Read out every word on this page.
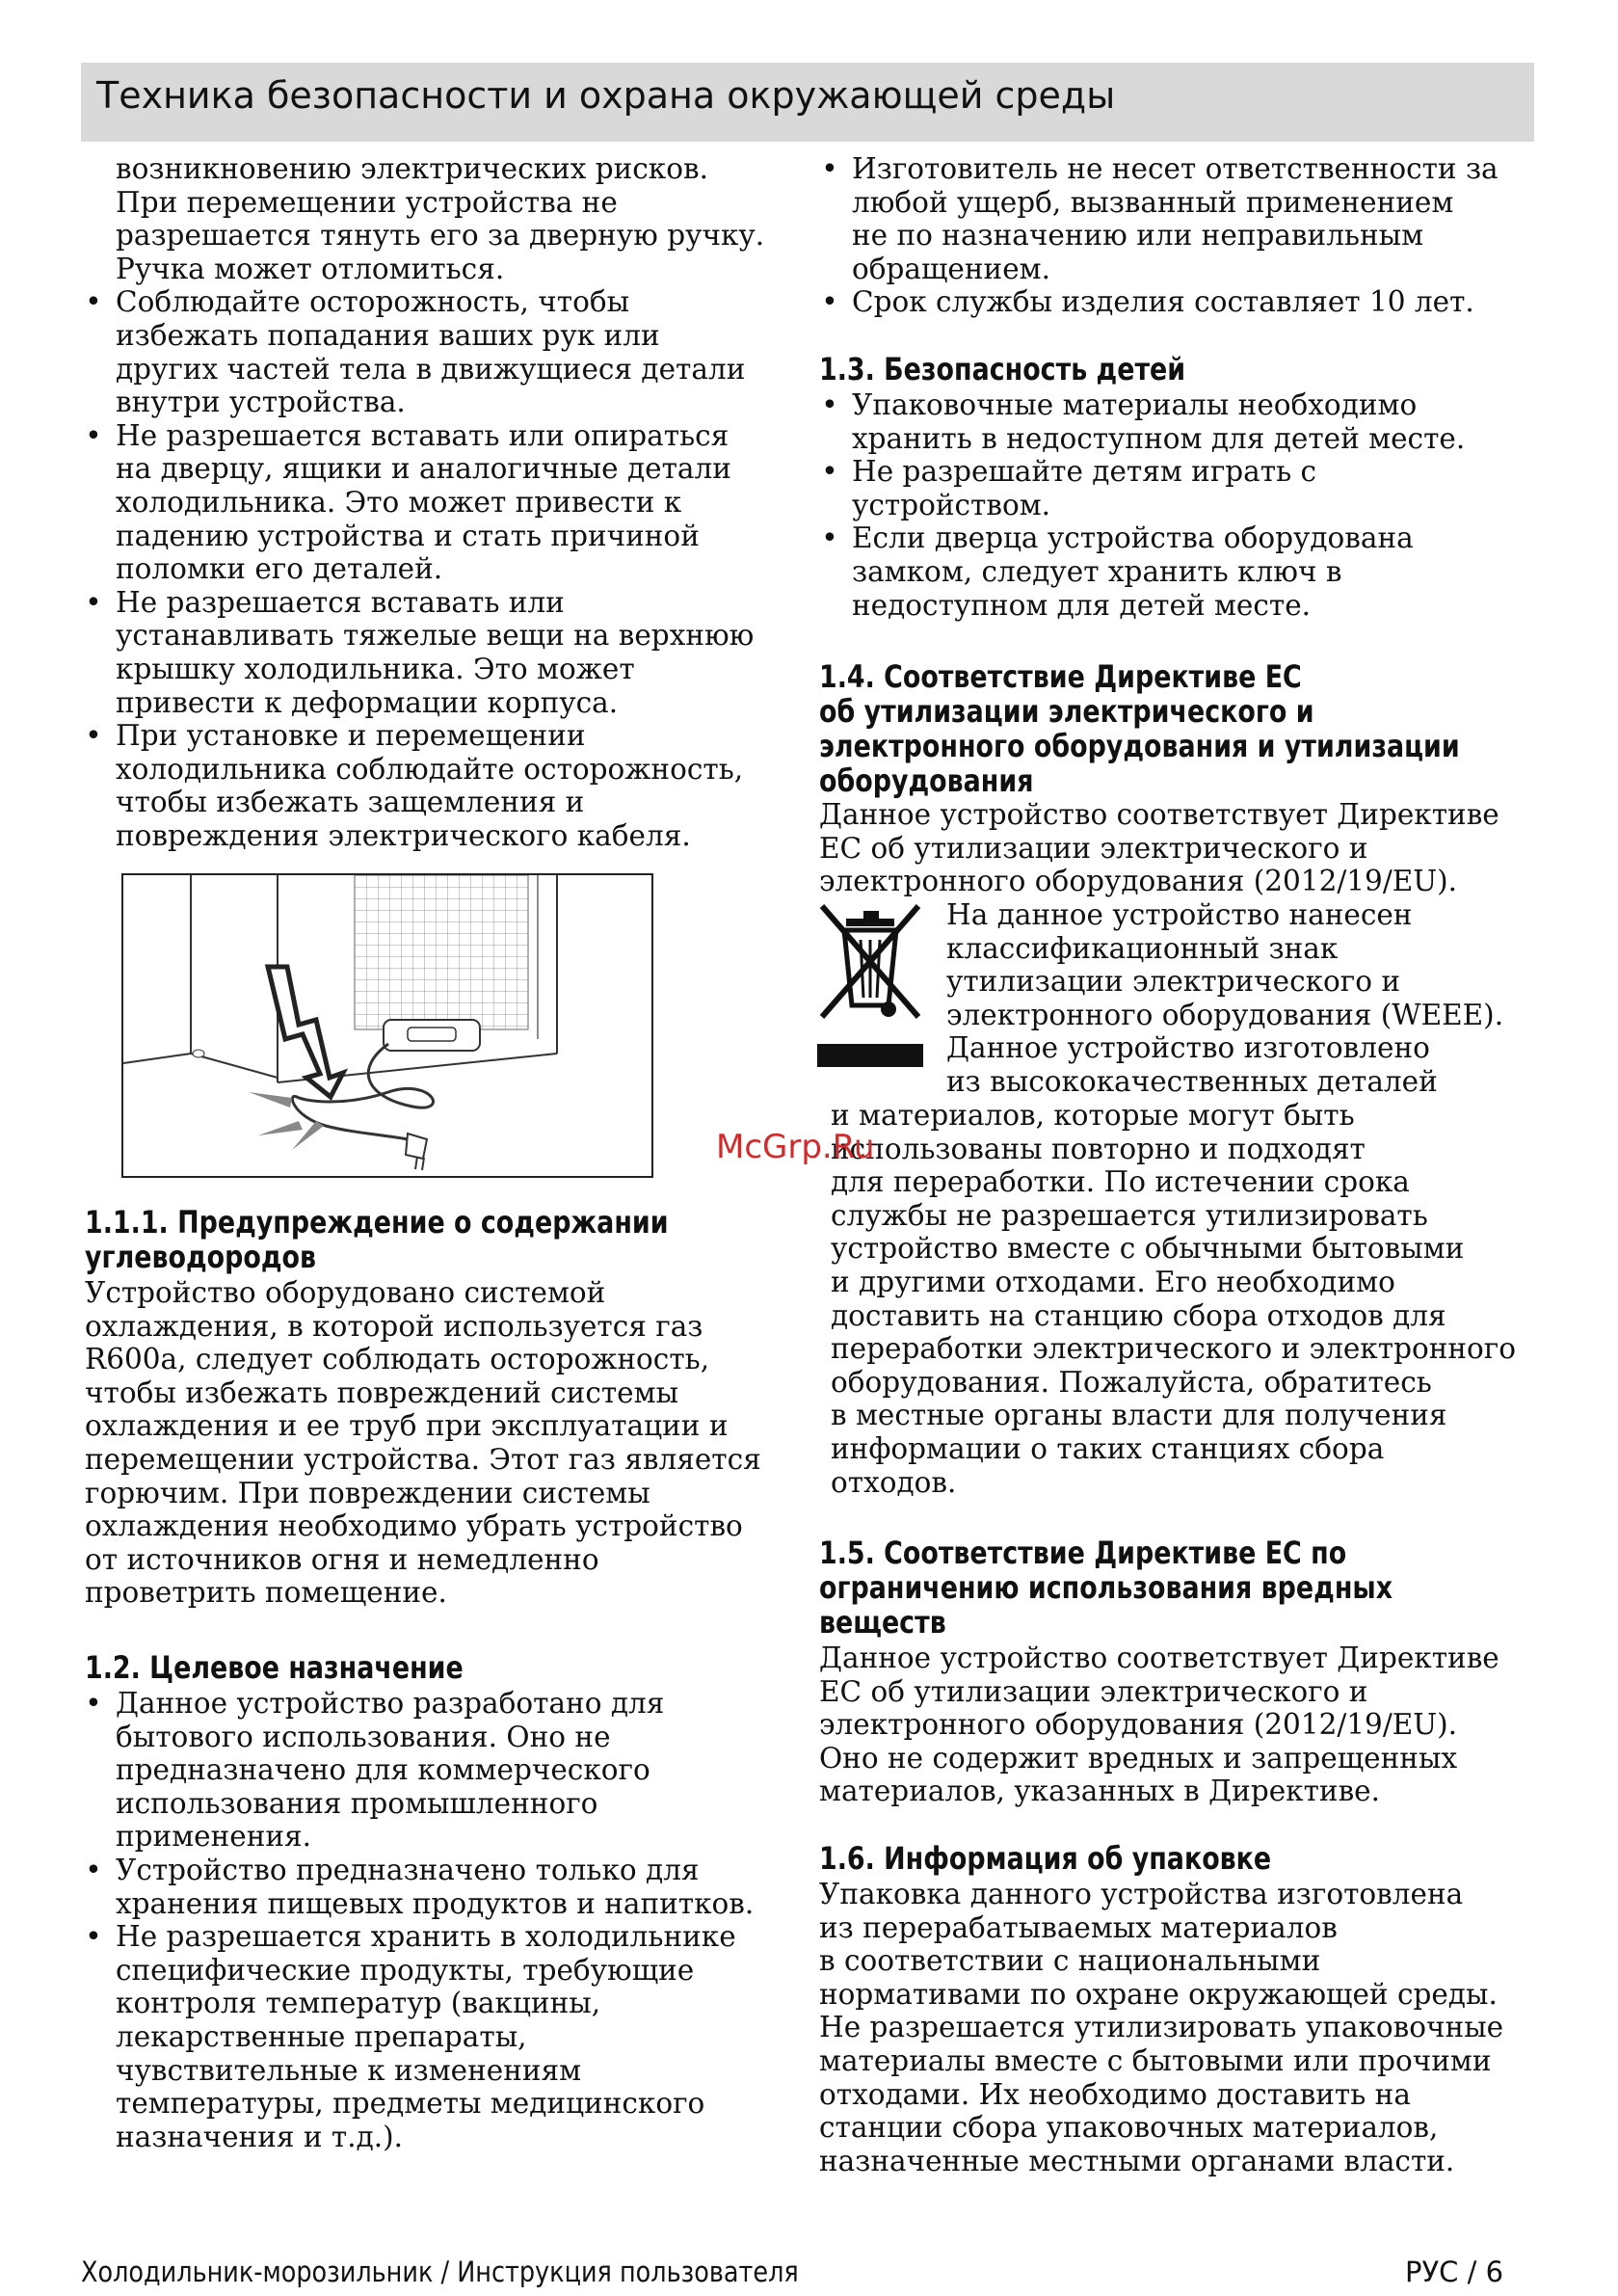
Техника безопасности и охрана окружающей среды
возникновению электрических рисков.
При перемещении устройства не
разрешается тянуть его за дверную ручку.
Ручка может отломиться.
• Соблюдайте осторожность, чтобы
избежать попадания ваших рук или
других частей тела в движущиеся детали
внутри устройства.
• Не разрешается вставать или опираться
на дверцу, ящики и аналогичные детали
холодильника. Это может привести к
падению устройства и стать причиной
поломки его деталей.
• Не разрешается вставать или
устанавливать тяжелые вещи на верхнюю
крышку холодильника. Это может
привести к деформации корпуса.
• При установке и перемещении
холодильника соблюдайте осторожность,
чтобы избежать защемления и
повреждения электрического кабеля.
1.1.1. Предупреждение о содержании
углеводородов
Устройство оборудовано системой
охлаждения, в которой используется газ
R600a, следует соблюдать осторожность,
чтобы избежать повреждений системы
охлаждения и ее труб при эксплуатации и
перемещении устройства. Этот газ является
горючим. При повреждении системы
охлаждения необходимо убрать устройство
от источников огня и немедленно
проветрить помещение.
1.2. Целевое назначение
• Данное устройство разработано для
бытового использования. Оно не
предназначено для коммерческого
использования промышленного
применения.
• Устройство предназначено только для
хранения пищевых продуктов и напитков.
• Не разрешается хранить в холодильнике
специфические продукты, требующие
контроля температур (вакцины,
лекарственные препараты,
чувствительные к изменениям
температуры, предметы медицинского
назначения и т.д.).
• Изготовитель не несет ответственности за
любой ущерб, вызванный применением
не по назначению или неправильным
обращением.
• Срок службы изделия составляет 10 лет.
1.3. Безопасность детей
• Упаковочные материалы необходимо
хранить в недоступном для детей месте.
• Не разрешайте детям играть с
устройством.
• Если дверца устройства оборудована
замком, следует хранить ключ в
недоступном для детей месте.
1.4. Соответствие Директиве ЕС
об утилизации электрического и
электронного оборудования и утилизации
оборудования
Данное устройство соответствует Директиве
ЕС об утилизации электрического и
электронного оборудования (2012/19/EU).
На данное устройство нанесен
классификационный знак
утилизации электрического и
электронного оборудования (WEEE).
Данное устройство изготовлено
из высококачественных деталей
и материалов, которые могут быть
использованы повторно и подходят
для переработки. По истечении срока
службы не разрешается утилизировать
устройство вместе с обычными бытовыми
и другими отходами. Его необходимо
доставить на станцию сбора отходов для
переработки электрического и электронного
оборудования. Пожалуйста, обратитесь
в местные органы власти для получения
информации о таких станциях сбора
отходов.
1.5. Соответствие Директиве ЕС по
ограничению использования вредных
веществ
Данное устройство соответствует Директиве
ЕС об утилизации электрического и
электронного оборудования (2012/19/EU).
Оно не содержит вредных и запрещенных
материалов, указанных в Директиве.
1.6. Информация об упаковке
Упаковка данного устройства изготовлена
из перерабатываемых материалов
в соответствии с национальными
нормативами по охране окружающей среды.
Не разрешается утилизировать упаковочные
материалы вместе с бытовыми или прочими
отходами. Их необходимо доставить на
станции сбора упаковочных материалов,
назначенные местными органами власти.
McGrp.Ru
Холодильник-морозильник / Инструкция пользователя	РУС / 6
